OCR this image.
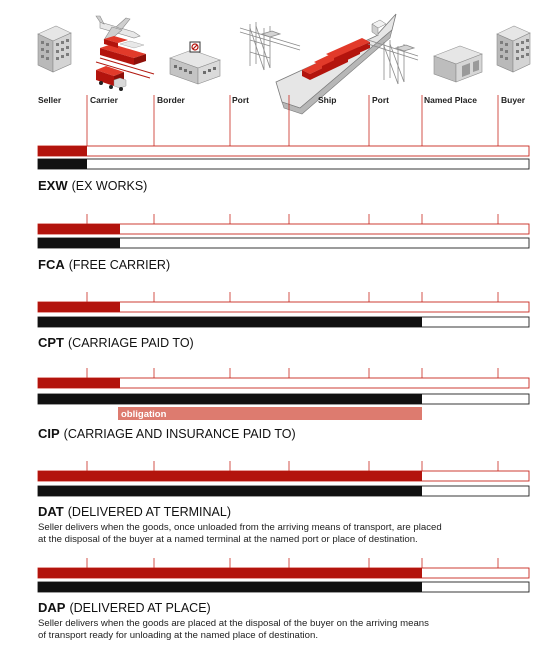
Seller	Carrier	Border	Port	Ship	Port	Named Place	Buyer
EXW (EX WORKS)
FCA (FREE CARRIER)
CPT (CARRIAGE PAID TO)
obligation
CIP (CARRIAGE AND INSURANCE PAID TO)
DAT (DELIVERED AT TERMINAL)
Seller delivers when the goods, once unloaded from the arriving means of transport, are placed
at the disposal of the buyer at a named terminal at the named port or place of destination.
DAP (DELIVERED AT PLACE)
Seller delivers when the goods are placed at the disposal of the buyer on the arriving means
of transport ready for unloading at the named place of destination.
